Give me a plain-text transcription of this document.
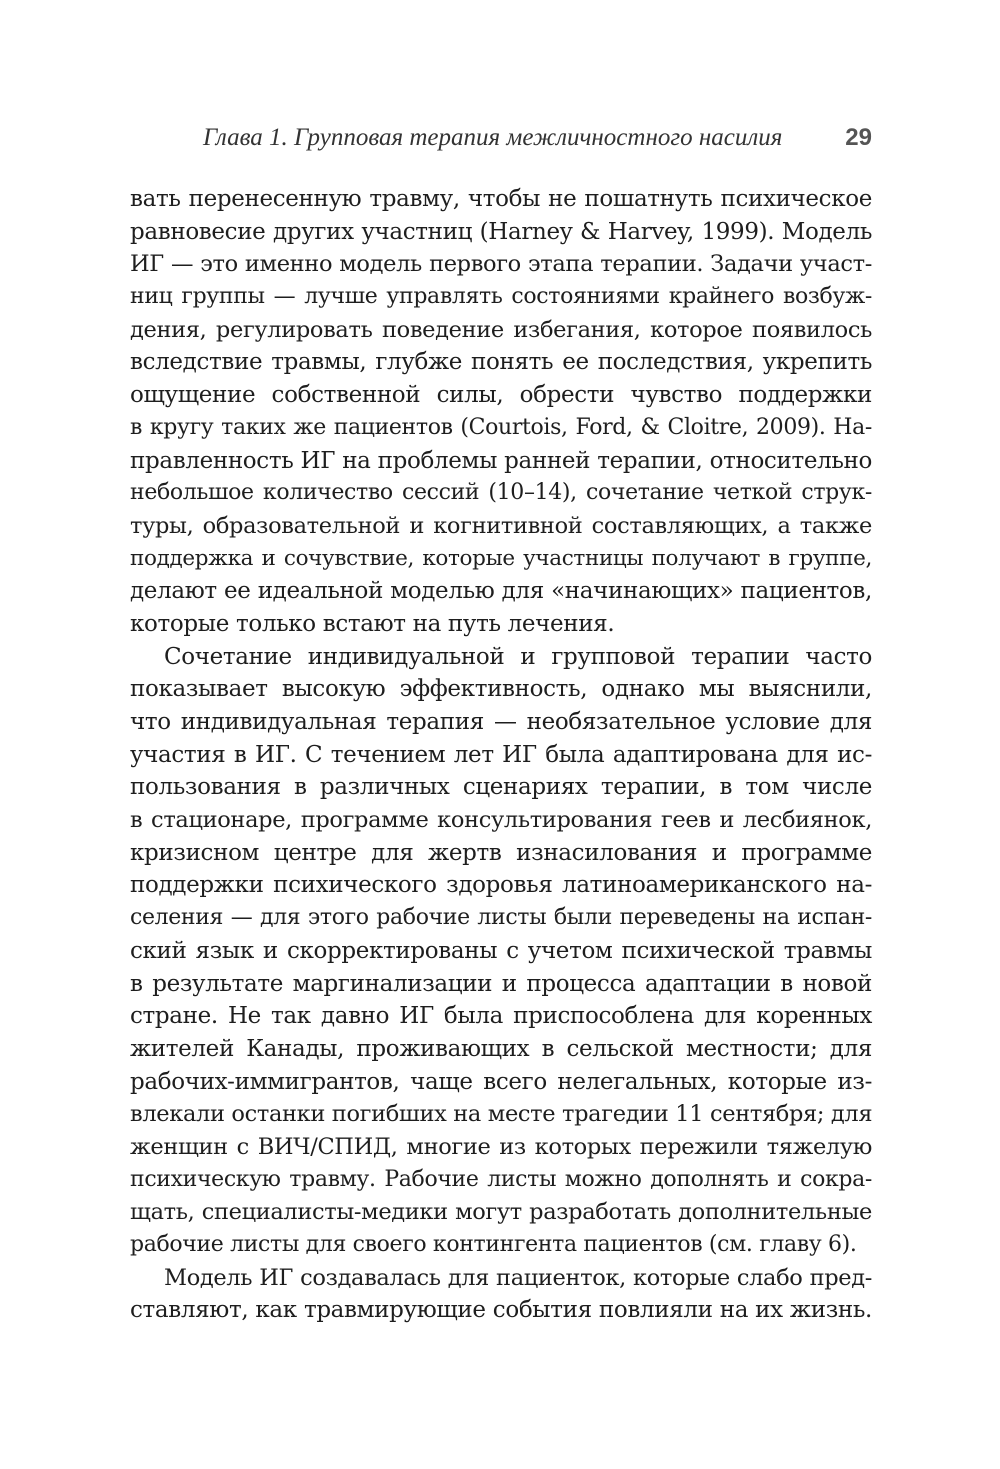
Глава 1. Групповая терапия межличностного насилия	29
вать перенесенную травму, чтобы не пошатнуть психическое
равновесие других участниц (Harney & Harvey, 1999). Модель
ИГ — это именно модель первого этапа терапии. Задачи участ-
ниц группы — лучше управлять состояниями крайнего возбуж-
дения, регулировать поведение избегания, которое появилось
вследствие травмы, глубже понять ее последствия, укрепить
ощущение собственной силы, обрести чувство поддержки
в кругу таких же пациентов (Courtois, Ford, & Cloitre, 2009). На-
правленность ИГ на проблемы ранней терапии, относительно
небольшое количество сессий (10–14), сочетание четкой струк-
туры, образовательной и когнитивной составляющих, а также
поддержка и сочувствие, которые участницы получают в группе,
делают ее идеальной моделью для «начинающих» пациентов,
которые только встают на путь лечения.
Сочетание индивидуальной и групповой терапии часто
показывает высокую эффективность, однако мы выяснили,
что индивидуальная терапия — необязательное условие для
участия в ИГ. С течением лет ИГ была адаптирована для ис-
пользования в различных сценариях терапии, в том числе
в стационаре, программе консультирования геев и лесбиянок,
кризисном центре для жертв изнасилования и программе
поддержки психического здоровья латиноамериканского на-
селения — для этого рабочие листы были переведены на испан-
ский язык и скорректированы с учетом психической травмы
в результате маргинализации и процесса адаптации в новой
стране. Не так давно ИГ была приспособлена для коренных
жителей Канады, проживающих в сельской местности; для
рабочих-иммигрантов, чаще всего нелегальных, которые из-
влекали останки погибших на месте трагедии 11 сентября; для
женщин с ВИЧ/СПИД, многие из которых пережили тяжелую
психическую травму. Рабочие листы можно дополнять и сокра-
щать, специалисты-медики могут разработать дополнительные
рабочие листы для своего контингента пациентов (см. главу 6).
Модель ИГ создавалась для пациенток, которые слабо пред-
ставляют, как травмирующие события повлияли на их жизнь.
